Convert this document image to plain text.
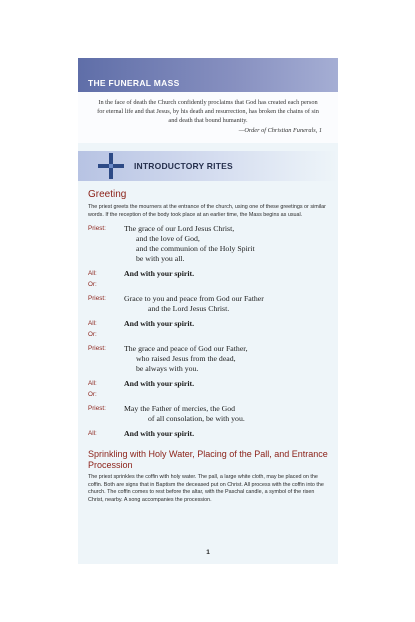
THE FUNERAL MASS
In the face of death the Church confidently proclaims that God has created each person for eternal life and that Jesus, by his death and resurrection, has broken the chains of sin and death that bound humanity.
—Order of Christian Funerals, 1
INTRODUCTORY RITES
Greeting
The priest greets the mourners at the entrance of the church, using one of these greetings or similar words. If the reception of the body took place at an earlier time, the Mass begins as usual.
Priest:	The grace of our Lord Jesus Christ,
and the love of God,
and the communion of the Holy Spirit
be with you all.
All:	And with your spirit.
Or:
Priest:	Grace to you and peace from God our Father
and the Lord Jesus Christ.
All:	And with your spirit.
Or:
Priest:	The grace and peace of God our Father,
who raised Jesus from the dead,
be always with you.
All:	And with your spirit.
Or:
Priest:	May the Father of mercies, the God
of all consolation, be with you.
All:	And with your spirit.
Sprinkling with Holy Water, Placing of the Pall, and Entrance Procession
The priest sprinkles the coffin with holy water. The pall, a large white cloth, may be placed on the coffin. Both are signs that in Baptism the deceased put on Christ. All process with the coffin into the church. The coffin comes to rest before the altar, with the Paschal candle, a symbol of the risen Christ, nearby. A song accompanies the procession.
1
